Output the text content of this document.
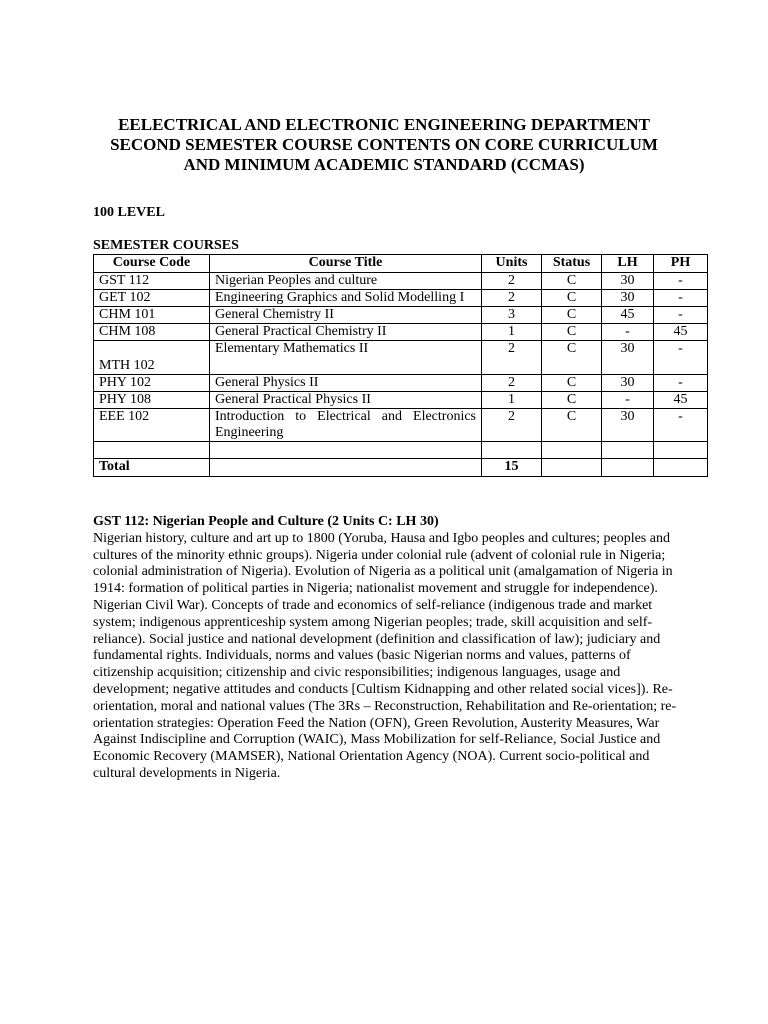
EELECTRICAL AND ELECTRONIC ENGINEERING DEPARTMENT
SECOND SEMESTER COURSE CONTENTS ON CORE CURRICULUM
AND MINIMUM ACADEMIC STANDARD (CCMAS)
100 LEVEL
SEMESTER COURSES
Course Code	Course Title	Units	Status	LH	PH
GST 112	Nigerian Peoples and culture	2	C	30	-
GET 102	Engineering Graphics and Solid Modelling I	2	C	30	-
CHM 101	General Chemistry II	3	C	45	-
CHM 108	General Practical Chemistry II	1	C	-	45
MTH 102	Elementary Mathematics II	2	C	30	-
PHY 102	General Physics II	2	C	30	-
PHY 108	General Practical Physics II	1	C	-	45
EEE 102	Introduction to Electrical and Electronics Engineering	2	C	30	-

Total		15			
GST 112: Nigerian People and Culture (2 Units C: LH 30)

Nigerian history, culture and art up to 1800 (Yoruba, Hausa and Igbo peoples and cultures; peoples and cultures of the minority ethnic groups). Nigeria under colonial rule (advent of colonial rule in Nigeria; colonial administration of Nigeria). Evolution of Nigeria as a political unit (amalgamation of Nigeria in 1914: formation of political parties in Nigeria; nationalist movement and struggle for independence). Nigerian Civil War). Concepts of trade and economics of self-reliance (indigenous trade and market system; indigenous apprenticeship system among Nigerian peoples; trade, skill acquisition and self-reliance). Social justice and national development (definition and classification of law); judiciary and fundamental rights. Individuals, norms and values (basic Nigerian norms and values, patterns of citizenship acquisition; citizenship and civic responsibilities; indigenous languages, usage and development; negative attitudes and conducts [Cultism Kidnapping and other related social vices]). Re-orientation, moral and national values (The 3Rs – Reconstruction, Rehabilitation and Re-orientation; re-orientation strategies: Operation Feed the Nation (OFN), Green Revolution, Austerity Measures, War Against Indiscipline and Corruption (WAIC), Mass Mobilization for self-Reliance, Social Justice and Economic Recovery (MAMSER), National Orientation Agency (NOA). Current socio-political and cultural developments in Nigeria.
